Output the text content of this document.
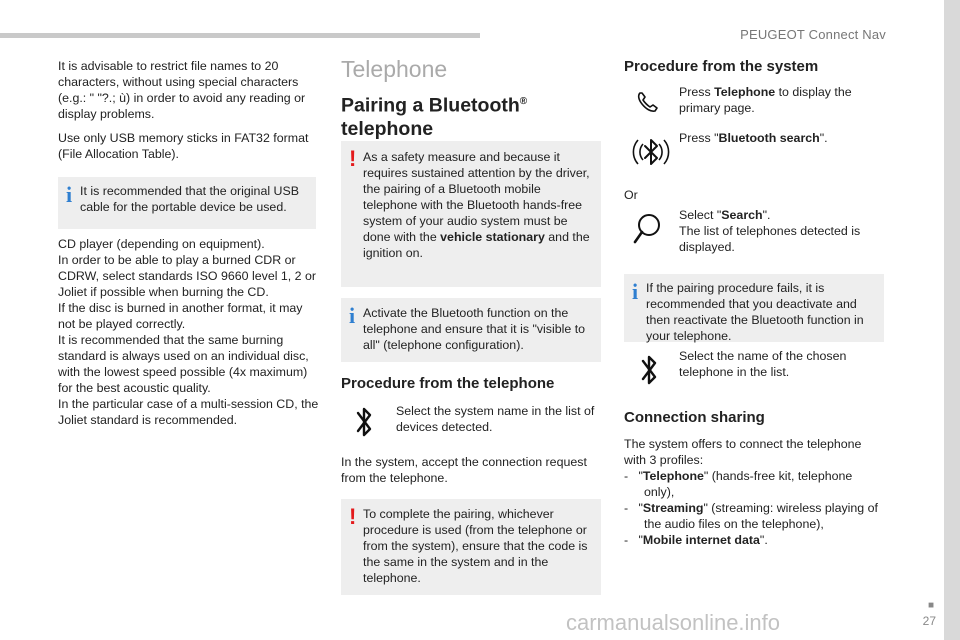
PEUGEOT Connect Nav

It is advisable to restrict file names to 20 characters, without using special characters (e.g.: " "?.; ù) in order to avoid any reading or display problems.

Use only USB memory sticks in FAT32 format (File Allocation Table).

i It is recommended that the original USB cable for the portable device be used.

CD player (depending on equipment).

In order to be able to play a burned CDR or CDRW, select standards ISO 9660 level 1, 2 or Joliet if possible when burning the CD.

If the disc is burned in another format, it may not be played correctly.

It is recommended that the same burning standard is always used on an individual disc, with the lowest speed possible (4x maximum) for the best acoustic quality.

In the particular case of a multi-session CD, the Joliet standard is recommended.

Telephone
Pairing a Bluetooth®
telephone
! As a safety measure and because it requires sustained attention by the driver, the pairing of a Bluetooth mobile telephone with the Bluetooth hands-free system of your audio system must be done with the vehicle stationary and the ignition on.

i Activate the Bluetooth function on the telephone and ensure that it is "visible to all" (telephone configuration).

Procedure from the telephone

Select the system name in the list of devices detected.

In the system, accept the connection request from the telephone.

! To complete the pairing, whichever procedure is used (from the telephone or from the system), ensure that the code is the same in the system and in the telephone.

Procedure from the system

Press Telephone to display the primary page.

Press "Bluetooth search".

Or

Select "Search".

The list of telephones detected is displayed.

i If the pairing procedure fails, it is recommended that you deactivate and then reactivate the Bluetooth function in your telephone.

Select the name of the chosen telephone in the list.

Connection sharing

The system offers to connect the telephone with 3 profiles:

- "Telephone" (hands-free kit, telephone only),
- "Streaming" (streaming: wireless playing of the audio files on the telephone),
- "Mobile internet data".
■
27
carmanualsonline.info
